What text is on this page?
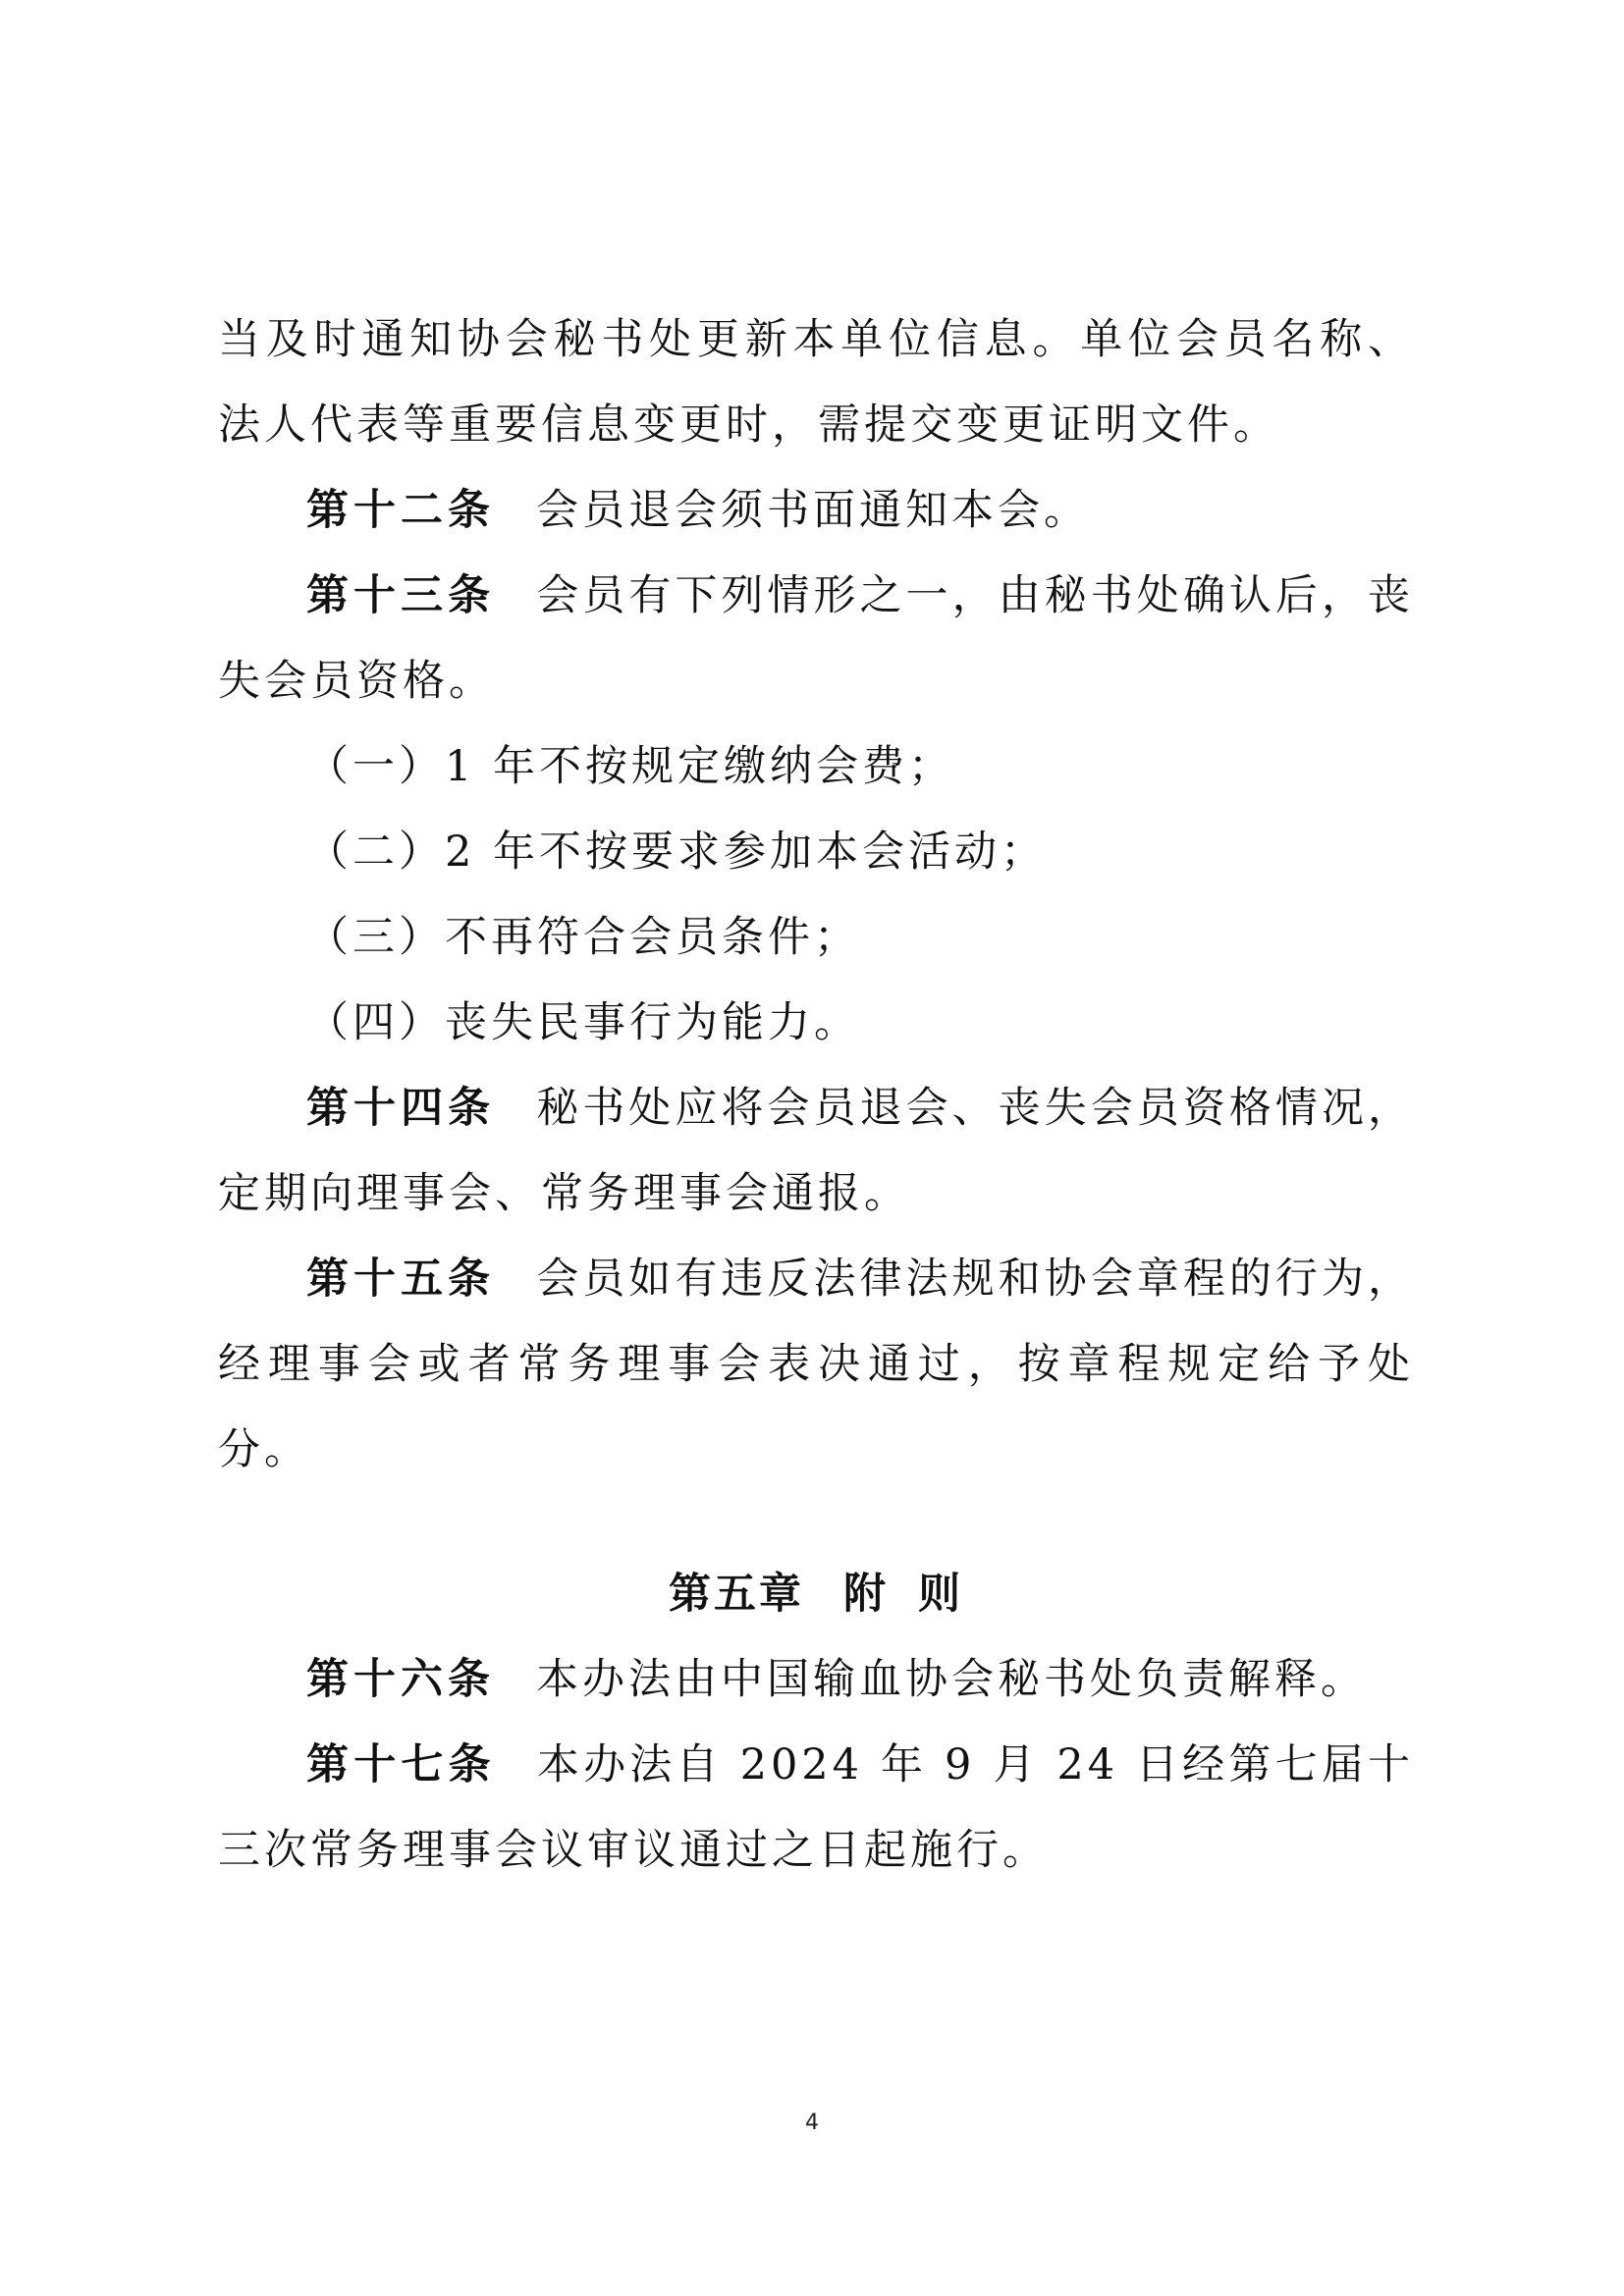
当及时通知协会秘书处更新本单位信息。单位会员名称、法人代表等重要信息变更时，需提交变更证明文件。

第十二条 会员退会须书面通知本会。

第十三条 会员有下列情形之一，由秘书处确认后，丧失会员资格。

（一）1 年不按规定缴纳会费；

（二）2 年不按要求参加本会活动；

（三）不再符合会员条件；

（四）丧失民事行为能力。

第十四条 秘书处应将会员退会、丧失会员资格情况，定期向理事会、常务理事会通报。

第十五条 会员如有违反法律法规和协会章程的行为，经理事会或者常务理事会表决通过，按章程规定给予处分。

第五章 附 则

第十六条 本办法由中国输血协会秘书处负责解释。

第十七条 本办法自 2024 年 9 月 24 日经第七届十三次常务理事会议审议通过之日起施行。

4
